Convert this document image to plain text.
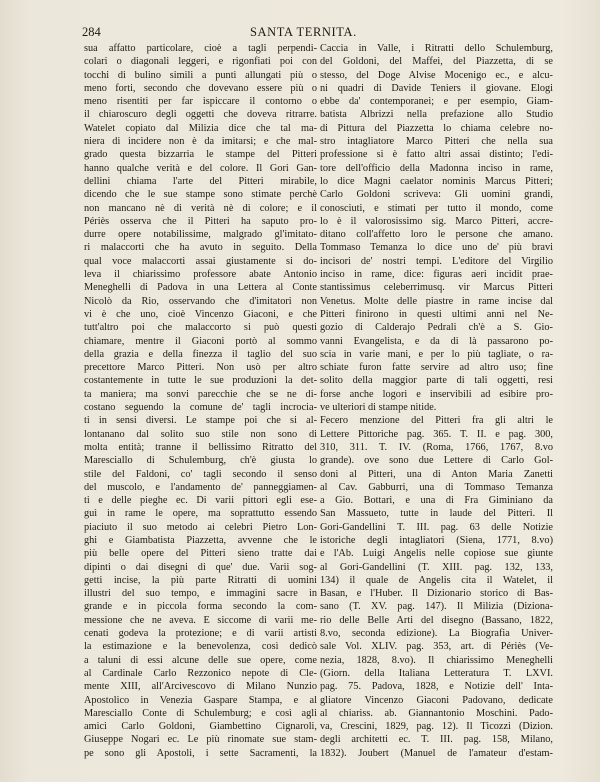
284	SANTA TERNITA.
sua affatto particolare, cioè a tagli perpendi-
colari o diagonali leggeri, e rigonfiati poi con
tocchi di bulino simili a punti allungati più o
meno forti, secondo che dovevano essere più o
meno risentiti per far ispiccare il contorno o
il chiaroscuro degli oggetti che doveva ritrarre.
Watelet copiato dal Milizia dice che tal ma-
niera di incidere non è da imitarsi; e che mal-
grado questa bizzarria le stampe del Pitteri
hanno qualche verità e del colore. Il Gori Gan-
dellini chiama l'arte del Pitteri mirabile,
dicendo che le sue stampe sono stimate perchè
non mancano nè di verità nè di colore; e il
Périès osserva che il Pitteri ha saputo pro-
durre opere notabilissime, malgrado gl'imitato-
ri malaccorti che ha avuto in seguito. Della
qual voce malaccorti assai giustamente si do-
leva il chiarissimo professore abate Antonio
Meneghelli di Padova in una Lettera al Conte
Nicolò da Rio, osservando che d'imitatori non
vi è che uno, cioè Vincenzo Giaconi, e che
tutt'altro poi che malaccorto si può questi
chiamare, mentre il Giaconi portò al sommo
della grazia e della finezza il taglio del suo
precettore Marco Pitteri. Non usò per altro
costantemente in tutte le sue produzioni la det-
ta maniera; ma sonvi parecchie che se ne di-
costano seguendo la comune de' tagli incrocia-
ti in sensi diversi. Le stampe poi che si al-
lontanano dal solito suo stile non sono di
molta entità; tranne il bellissimo Ritratto del
Maresciallo di Schulemburg, ch'è giusta lo
stile del Faldoni, co' tagli secondo il senso
del muscolo, e l'andamento de' panneggiamen-
ti e delle pieghe ec. Di varii pittori egli ese-
guì in rame le opere, ma soprattutto essendo
piaciuto il suo metodo ai celebri Pietro Lon-
ghi e Giambatista Piazzetta, avvenne che le
più belle opere del Pitteri sieno tratte dai
dipinti o dai disegni di que' due. Varii sog-
getti incise, la più parte Ritratti di uomini
illustri del suo tempo, e immagini sacre in
grande e in piccola forma secondo la com-
messione che ne aveva. E siccome di varii me-
cenati godeva la protezione; e di varii artisti
la estimazione e la benevolenza, così dedicò
a taluni di essi alcune delle sue opere, come
al Cardinale Carlo Rezzonico nepote di Cle-
mente XIII, all'Arcivescovo di Milano Nunzio
Apostolico in Venezia Gaspare Stampa, e al
Maresciallo Conte di Schulemburg; e così agli
amici Carlo Goldoni, Giambettino Cignaroli,
Giuseppe Nogari ec. Le più rinomate sue stam-
pe sono gli Apostoli, i sette Sacramenti, la
Caccia in Valle, i Ritratti dello Schulemburg,
del Goldoni, del Maffei, del Piazzetta, di se
stesso, del Doge Alvise Mocenigo ec., e alcu-
ni quadri di Davide Teniers il giovane. Elogi
ebbe da' contemporanei; e per esempio, Giam-
batista Albrizzi nella prefazione allo Studio
di Pittura del Piazzetta lo chiama celebre no-
stro intagliatore Marco Pitteri che nella sua
professione si è fatto altri assai distinto; l'edi-
tore dell'officio della Madonna inciso in rame,
lo dice Magni caelator nominis Marcus Pitteri;
Carlo Goldoni scriveva: Gli uomini grandi,
conosciuti, e stimati per tutto il mondo, come
lo è il valorosissimo sig. Marco Pitteri, accre-
ditano coll'affetto loro le persone che amano.
Tommaso Temanza lo dice uno de' più bravi
incisori de' nostri tempi. L'editore del Virgilio
inciso in rame, dice: figuras aeri incidit prae-
stantissimus celeberrimusq. vir Marcus Pitteri
Venetus. Molte delle piastre in rame incise dal
Pitteri finirono in questi ultimi anni nel Ne-
gozio di Calderajo Pedrali ch'è a S. Gio-
vanni Evangelista, e da di là passarono po-
scia in varie mani, e per lo più tagliate, o ra-
schiate furon fatte servire ad altro uso; fine
solito della maggior parte di tali oggetti, resi
forse anche logori e inservibili ad esibire pro-
ve ulteriori di stampe nitide.
Fecero menzione del Pitteri fra gli altri le
Lettere Pittoriche pag. 365. T. II. e pag. 300,
310, 311. T. IV. (Roma, 1766, 1767, 8.vo
grande). ove sono due Lettere di Carlo Gol-
doni al Pitteri, una di Anton Maria Zanetti
al Cav. Gabburri, una di Tommaso Temanza
a Gio. Bottari, e una di Fra Giminiano da
San Massueto, tutte in laude del Pitteri. Il
Gori-Gandellini T. III. pag. 63 delle Notizie
istoriche degli intagliatori (Siena, 1771, 8.vo)
e l'Ab. Luigi Angelis nelle copiose sue giunte
al Gori-Gandellini (T. XIII. pag. 132, 133,
134) il quale de Angelis cita il Watelet, il
Basan, e l'Huber. Il Dizionario storico di Bas-
sano (T. XV. pag. 147). Il Milizia (Diziona-
rio delle Belle Arti del disegno (Bassano, 1822,
8.vo, seconda edizione). La Biografia Univer-
sale Vol. XLIV. pag. 353, art. di Périès (Ve-
nezia, 1828, 8.vo). Il chiarissimo Meneghelli
(Giorn. della Italiana Letteratura T. LXVI.
pag. 75. Padova, 1828, e Notizie dell' Inta-
gliatore Vincenzo Giaconi Padovano, dedicate
al chiariss. ab. Giannantonio Moschini. Pado-
va, Crescini, 1829, pag. 12). Il Ticozzi (Dizion.
degli architetti ec. T. III. pag. 158, Milano,
1832). Joubert (Manuel de l'amateur d'estam-
